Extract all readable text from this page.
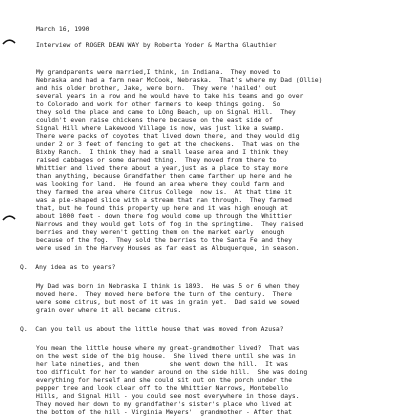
March 16, 1990
Interview of ROGER DEAN WAY by Roberta Yoder & Martha Glauthier
My grandparents were married,I think, in Indiana.  They moved to
Nebraska and had a farm near McCook, Nebraska.  That's where my Dad (Ollie)
and his older brother, Jake, were born.  They were 'hailed' out
several years in a row and he would have to take his teams and go over
to Colorado and work for other farmers to keep things going.  So
they sold the place and came to LOng Beach, up on Signal Hill.  They
couldn't even raise chickens there because on the east side of
Signal Hill where Lakewood Village is now, was just like a swamp.
There were packs of coyotes that lived down there, and they would dig
under 2 or 3 feet of fencing to get at the checkens.  That was on the
Bixby Ranch.  I think they had a small lease area and I think they
raised cabbages or some darned thing.  They moved from there to
Whittier and lived there about a year,just as a place to stay more
than anything, because Grandfather then came farther up here and he
was looking for land.  He found an area where they could farm and
they farmed the area where Citrus College  now is.  At that time it
was a pie-shaped slice with a stream that ran through.  They farmed
that, but he found this property up here and it was high enough at
about 1000 feet - down there fog would come up through the Whittier
Narrows and they would get lots of fog in the springtime.  They raised
berries and they weren't getting them on the market early  enough
because of the fog.  They sold the berries to the Santa Fe and they
were used in the Harvey Houses as far east as Albuquerque, in season.
Q.  Any idea as to years?
My Dad was born in Nebraska I think is 1893.  He was 5 or 6 when they
moved here.  They moved here before the turn of the century.  There
were some citrus, but most of it was in grain yet.  Dad said we sowed
grain over where it all became citrus.
Q.  Can you tell us about the little house that was moved from Azusa?
You mean the little house where my great-grandmother lived?  That was
on the west side of the big house.  She lived there until she was in
her late nineties, and then        she went down the hill.  It was
too difficult for her to wander around on the side hill.  She was doing
everything for herself and she could sit out on the porch under the
pepper tree and look clear off to the Whittier Narrows, Montebello
Hills, and Signal Hill - you could see most everywhere in those days.
They moved her down to my grandfather's sister's place who lived at
the bottom of the hill - Virginia Meyers'  grandmother - After that
